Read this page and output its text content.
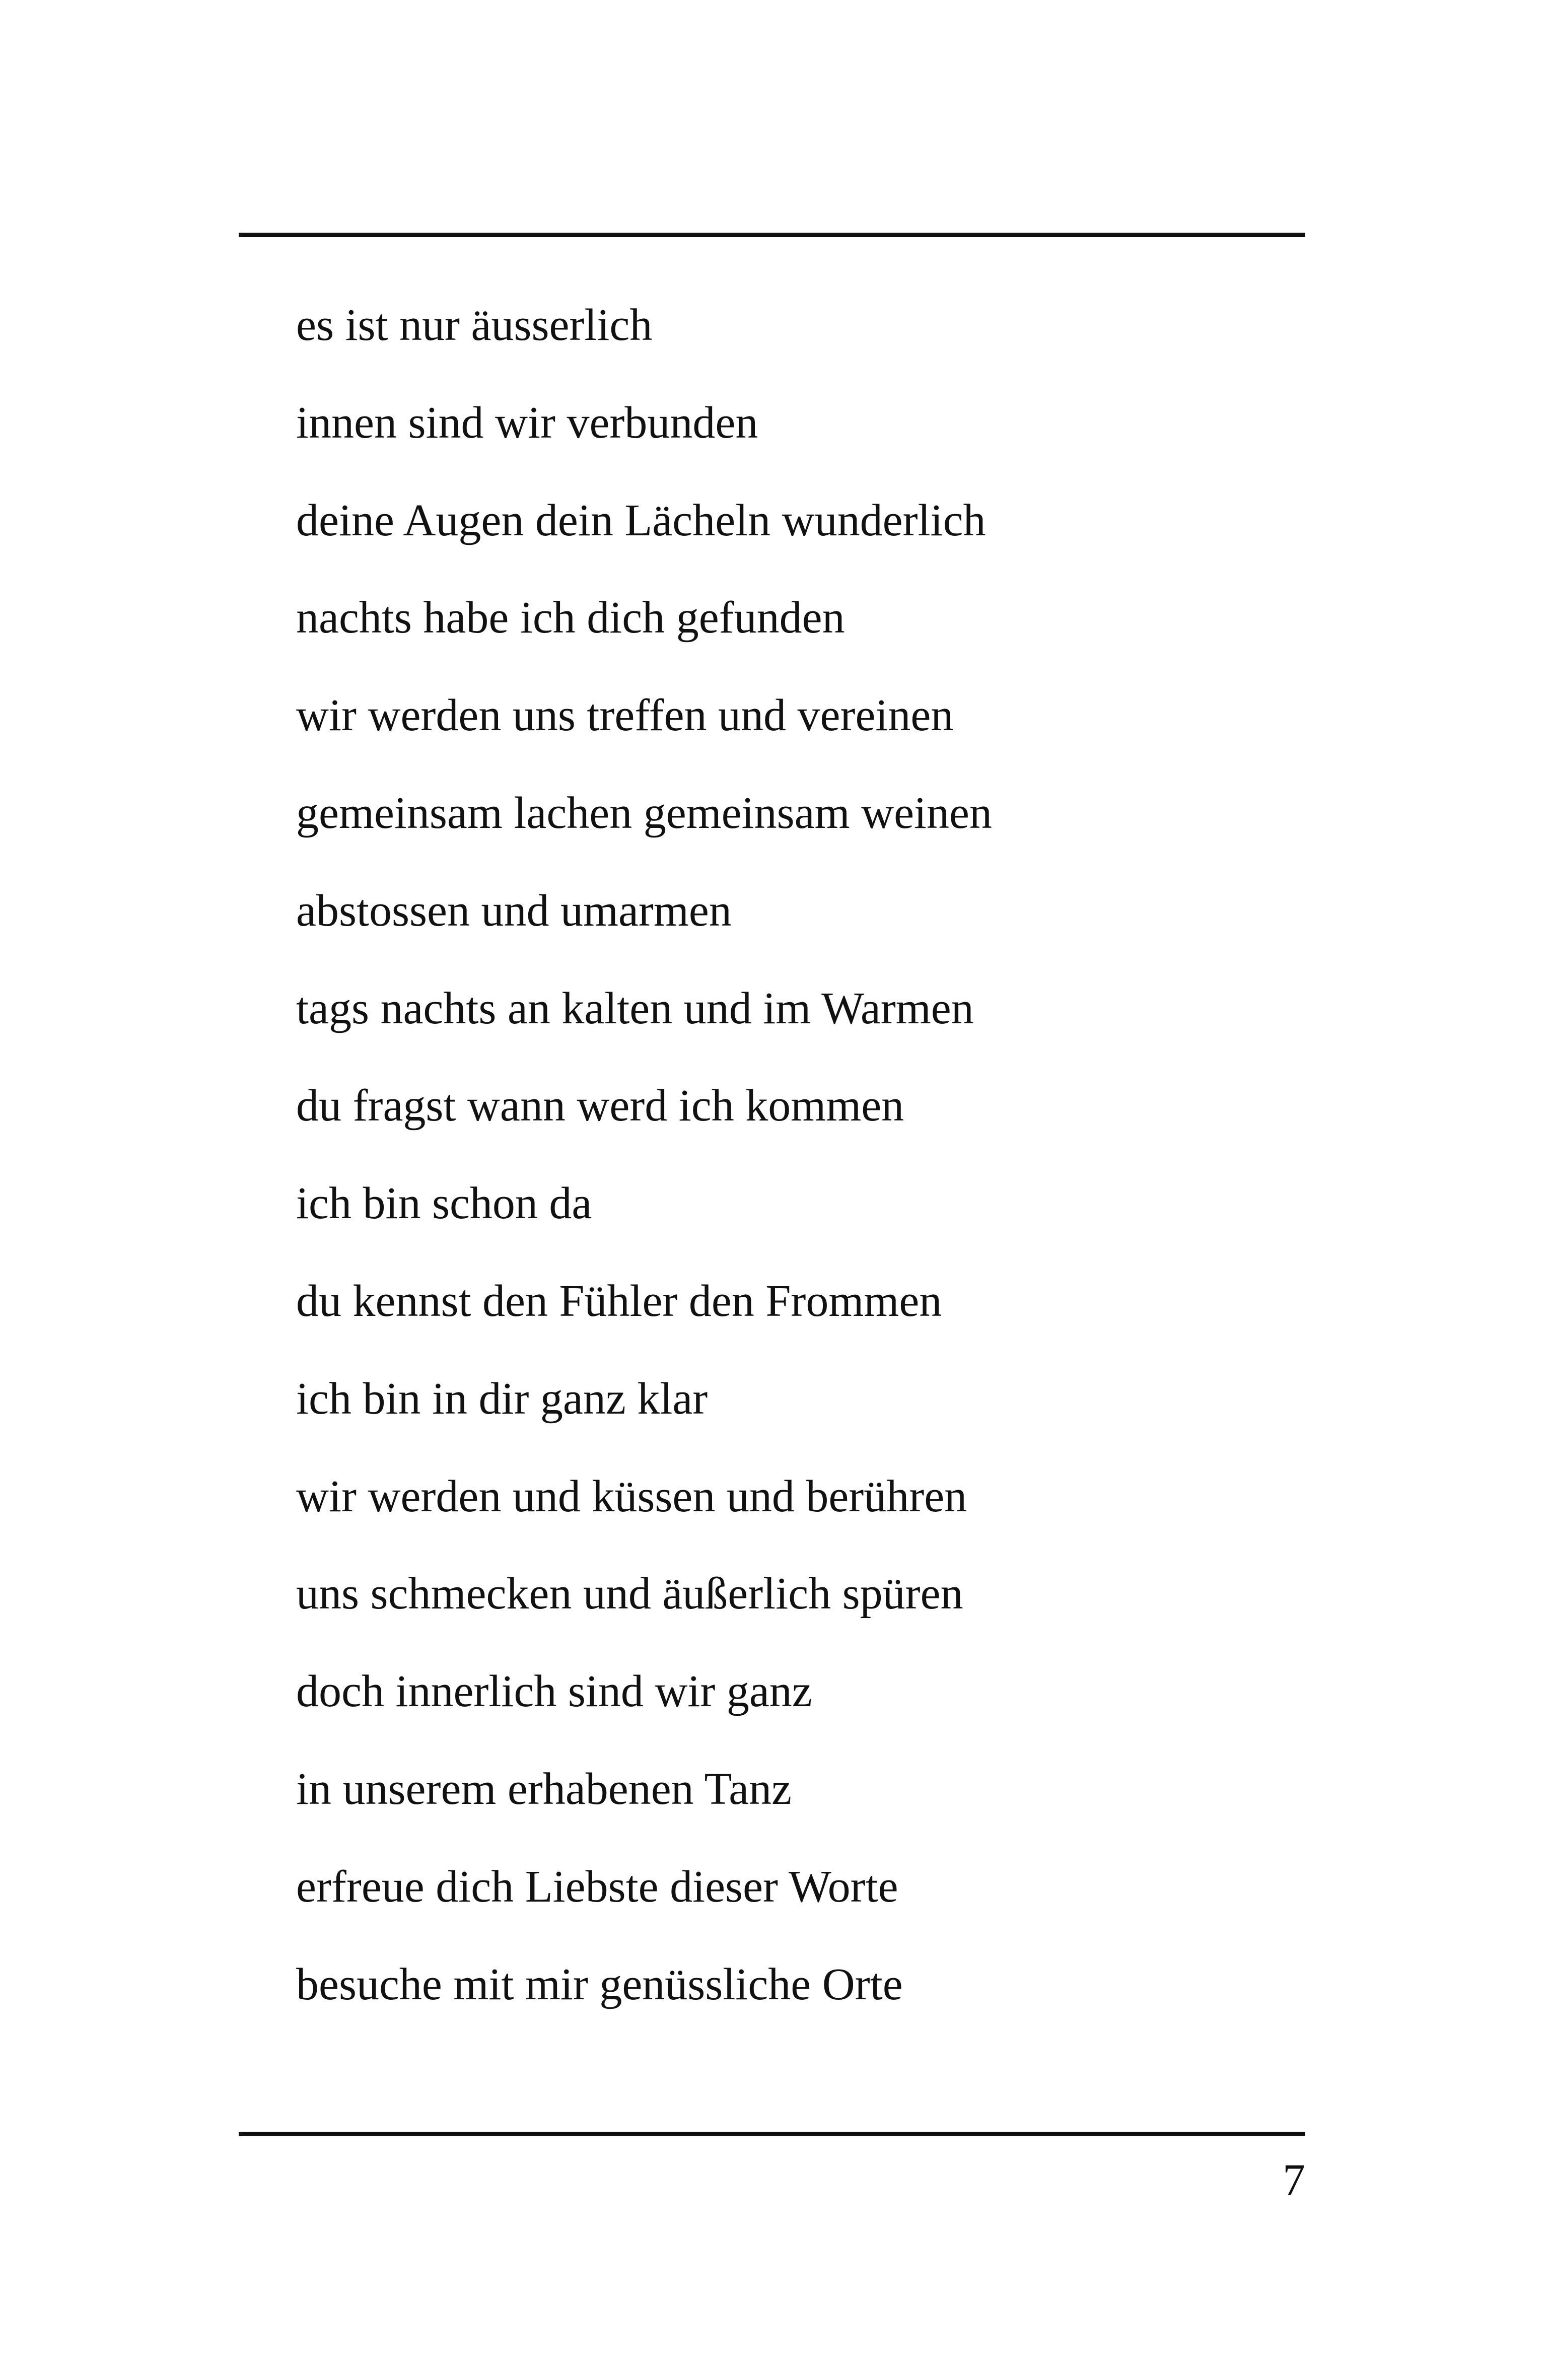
es ist nur äusserlich
innen sind wir verbunden
deine Augen dein Lächeln wunderlich
nachts habe ich dich gefunden
wir werden uns treffen und vereinen
gemeinsam lachen gemeinsam weinen
abstossen und umarmen
tags nachts an kalten und im Warmen
du fragst wann werd ich kommen
ich bin schon da
du kennst den Fühler den Frommen
ich bin in dir ganz klar
wir werden und küssen und berühren
uns schmecken und äußerlich spüren
doch innerlich sind wir ganz
in unserem erhabenen Tanz
erfreue dich Liebste dieser Worte
besuche mit mir genüssliche Orte
7
